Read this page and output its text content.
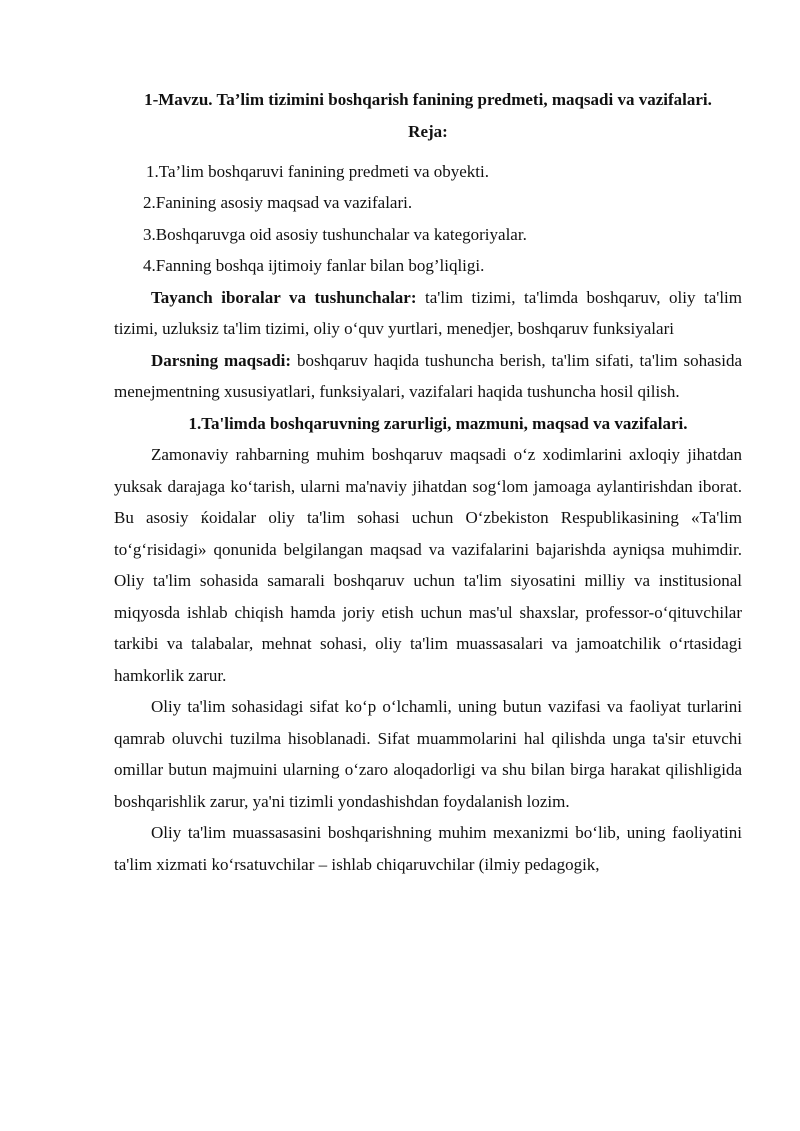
1-Mavzu. Ta’lim tizimini boshqarish fanining predmeti, maqsadi va vazifalari.

Reja:

1.Ta’lim boshqaruvi fanining predmeti va obyekti.
2.Fanining asosiy maqsad va vazifalari.
3.Boshqaruvga oid asosiy tushunchalar va kategoriyalar.
4.Fanning boshqa ijtimoiy fanlar bilan bog’liqligi.

Tayanch iboralar va tushunchalar: ta'lim tizimi, ta'limda boshqaruv, oliy ta'lim tizimi, uzluksiz ta'lim tizimi, oliy oʻquv yurtlari, menedjer, boshqaruv funksiyalari

Darsning maqsadi: boshqaruv haqida tushuncha berish, ta'lim sifati, ta'lim sohasida menejmentning xususiyatlari, funksiyalari, vazifalari haqida tushuncha hosil qilish.

1.Ta'limda boshqaruvning zarurligi, mazmuni, maqsad va vazifalari.

Zamonaviy rahbarning muhim boshqaruv maqsadi oʻz xodimlarini axloqiy jihatdan yuksak darajaga koʻtarish, ularni ma'naviy jihatdan sogʻlom jamoaga aylantirishdan iborat. Bu asosiy ќoidalar oliy ta'lim sohasi uchun Oʻzbekiston Respublikasining «Ta'lim toʻgʻrisidagi» qonunida belgilangan maqsad va vazifalarini bajarishda ayniqsa muhimdir. Oliy ta'lim sohasida samarali boshqaruv uchun ta'lim siyosatini milliy va institusional miqyosda ishlab chiqish hamda joriy etish uchun mas'ul shaxslar, professor-oʻqituvchilar tarkibi va talabalar, mehnat sohasi, oliy ta'lim muassasalari va jamoatchilik oʻrtasidagi hamkorlik zarur.

Oliy ta'lim sohasidagi sifat koʻp oʻlchamli, uning butun vazifasi va faoliyat turlarini qamrab oluvchi tuzilma hisoblanadi. Sifat muammolarini hal qilishda unga ta'sir etuvchi omillar butun majmuini ularning oʻzaro aloqadorligi va shu bilan birga harakat qilishligida boshqarishlik zarur, ya'ni tizimli yondashishdan foydalanish lozim.

Oliy ta'lim muassasasini boshqarishning muhim mexanizmi boʻlib, uning faoliyatini ta'lim xizmati koʻrsatuvchilar – ishlab chiqaruvchilar (ilmiy pedagogik,
